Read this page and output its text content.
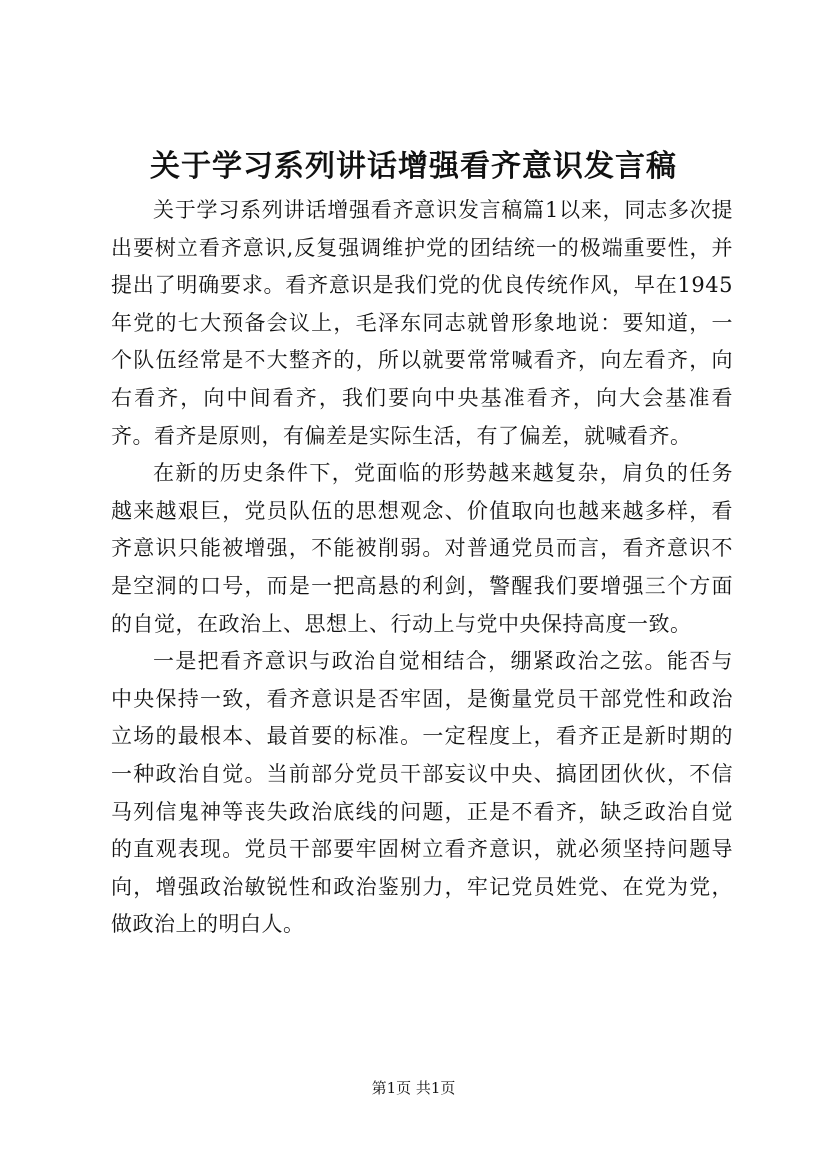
关于学习系列讲话增强看齐意识发言稿

关于学习系列讲话增强看齐意识发言稿篇1以来，同志多次提出要树立看齐意识,反复强调维护党的团结统一的极端重要性，并提出了明确要求。看齐意识是我们党的优良传统作风，早在1945年党的七大预备会议上，毛泽东同志就曾形象地说：要知道，一个队伍经常是不大整齐的，所以就要常常喊看齐，向左看齐，向右看齐，向中间看齐，我们要向中央基准看齐，向大会基准看齐。看齐是原则，有偏差是实际生活，有了偏差，就喊看齐。

在新的历史条件下，党面临的形势越来越复杂，肩负的任务越来越艰巨，党员队伍的思想观念、价值取向也越来越多样，看齐意识只能被增强，不能被削弱。对普通党员而言，看齐意识不是空洞的口号，而是一把高悬的利剑，警醒我们要增强三个方面的自觉，在政治上、思想上、行动上与党中央保持高度一致。

一是把看齐意识与政治自觉相结合，绷紧政治之弦。能否与中央保持一致，看齐意识是否牢固，是衡量党员干部党性和政治立场的最根本、最首要的标准。一定程度上，看齐正是新时期的一种政治自觉。当前部分党员干部妄议中央、搞团团伙伙，不信马列信鬼神等丧失政治底线的问题，正是不看齐，缺乏政治自觉的直观表现。党员干部要牢固树立看齐意识，就必须坚持问题导向，增强政治敏锐性和政治鉴别力，牢记党员姓党、在党为党，做政治上的明白人。

第1页 共1页
